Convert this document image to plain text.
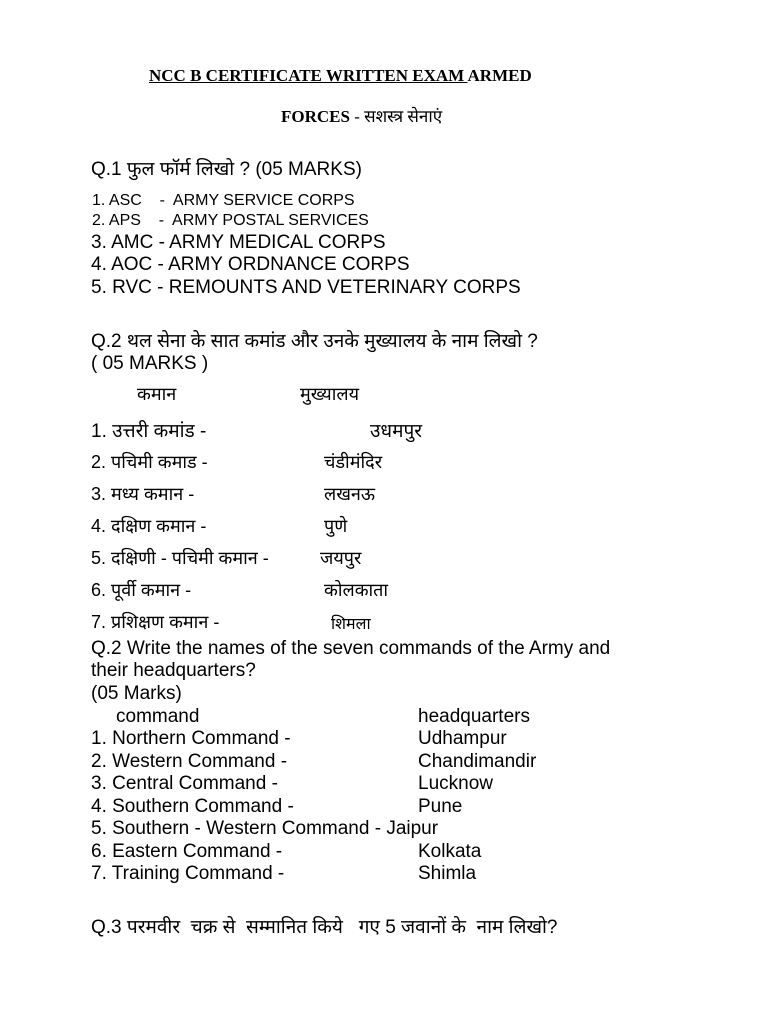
NCC B CERTIFICATE WRITTEN EXAM ARMED
FORCES - सशस्त्र सेनाएं
Q.1 फुल फॉर्म लिखो ? (05 MARKS)
1. ASC    -  ARMY SERVICE CORPS
2. APS    -  ARMY POSTAL SERVICES
3. AMC - ARMY MEDICAL CORPS
4. AOC - ARMY ORDNANCE CORPS
5. RVC - REMOUNTS AND VETERINARY CORPS
Q.2 थल सेना के सात कमांड और उनके मुख्यालय के नाम लिखो ?
( 05 MARKS )
कमान	मुख्यालय
1. उत्तरी कमांड -	उधमपुर
2. पचिमी कमाड -	चंडीमंदिर
3. मध्य कमान -	लखनऊ
4. दक्षिण कमान -	पुणे
5. दक्षिणी - पचिमी कमान -	जयपुर
6. पूर्वी कमान -	कोलकाता
7. प्रशिक्षण कमान -	शिमला
Q.2 Write the names of the seven commands of the Army and
their headquarters?
(05 Marks)
command	headquarters
1. Northern Command -	Udhampur
2. Western Command -	Chandimandir
3. Central Command -	Lucknow
4. Southern Command -	Pune
5. Southern - Western Command - Jaipur
6. Eastern Command -	Kolkata
7. Training Command -	Shimla
Q.3 परमवीर  चक्र से  सम्मानित किये   गए 5 जवानों के  नाम लिखो?
